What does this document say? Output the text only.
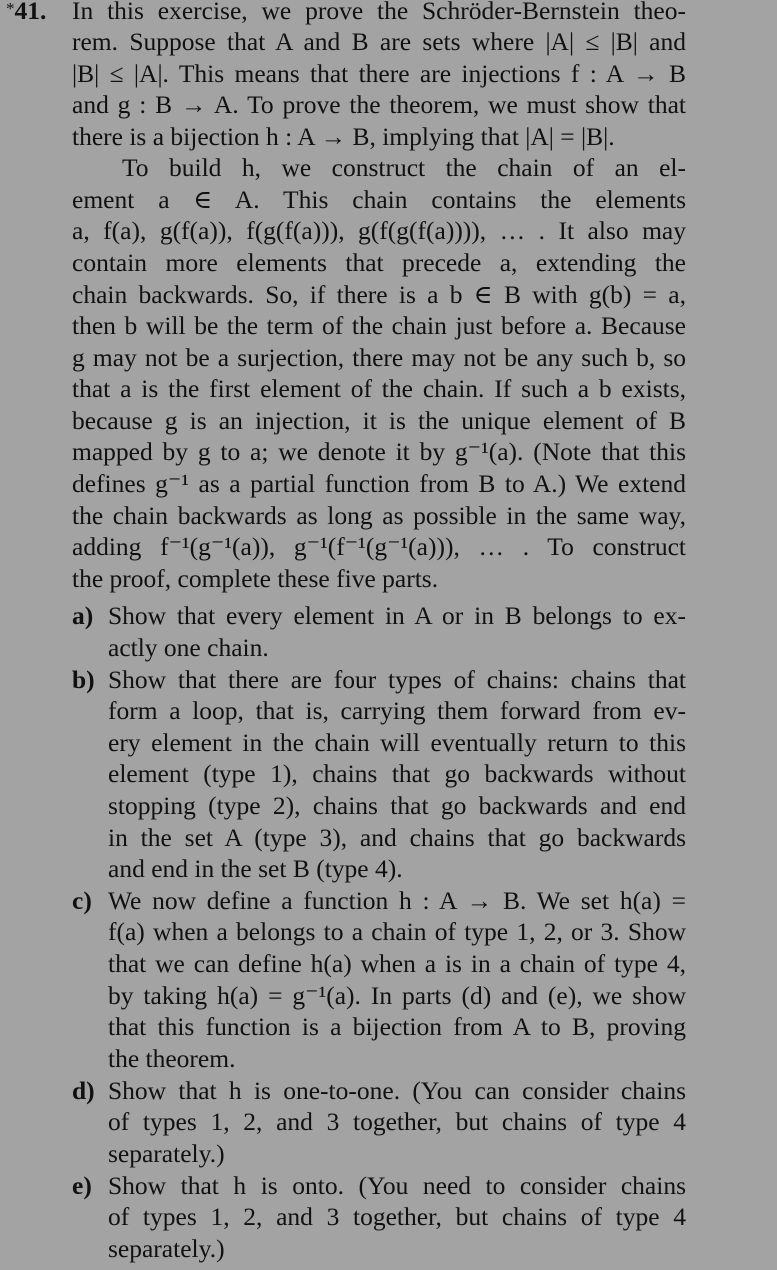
*41. In this exercise, we prove the Schröder-Bernstein theo-
rem. Suppose that A and B are sets where |A| ≤ |B| and
|B| ≤ |A|. This means that there are injections f : A → B
and g : B → A. To prove the theorem, we must show that
there is a bijection h : A → B, implying that |A| = |B|.
To build h, we construct the chain of an el-
ement a ∈ A. This chain contains the elements
a, f(a), g(f(a)), f(g(f(a))), g(f(g(f(a)))), … . It also may
contain more elements that precede a, extending the
chain backwards. So, if there is a b ∈ B with g(b) = a,
then b will be the term of the chain just before a. Because
g may not be a surjection, there may not be any such b, so
that a is the first element of the chain. If such a b exists,
because g is an injection, it is the unique element of B
mapped by g to a; we denote it by g⁻¹(a). (Note that this
defines g⁻¹ as a partial function from B to A.) We extend
the chain backwards as long as possible in the same way,
adding f⁻¹(g⁻¹(a)), g⁻¹(f⁻¹(g⁻¹(a))), … . To construct
the proof, complete these five parts.
a) Show that every element in A or in B belongs to ex-
actly one chain.
b) Show that there are four types of chains: chains that
form a loop, that is, carrying them forward from ev-
ery element in the chain will eventually return to this
element (type 1), chains that go backwards without
stopping (type 2), chains that go backwards and end
in the set A (type 3), and chains that go backwards
and end in the set B (type 4).
c) We now define a function h : A → B. We set h(a) =
f(a) when a belongs to a chain of type 1, 2, or 3. Show
that we can define h(a) when a is in a chain of type 4,
by taking h(a) = g⁻¹(a). In parts (d) and (e), we show
that this function is a bijection from A to B, proving
the theorem.
d) Show that h is one-to-one. (You can consider chains
of types 1, 2, and 3 together, but chains of type 4
separately.)
e) Show that h is onto. (You need to consider chains
of types 1, 2, and 3 together, but chains of type 4
separately.)
